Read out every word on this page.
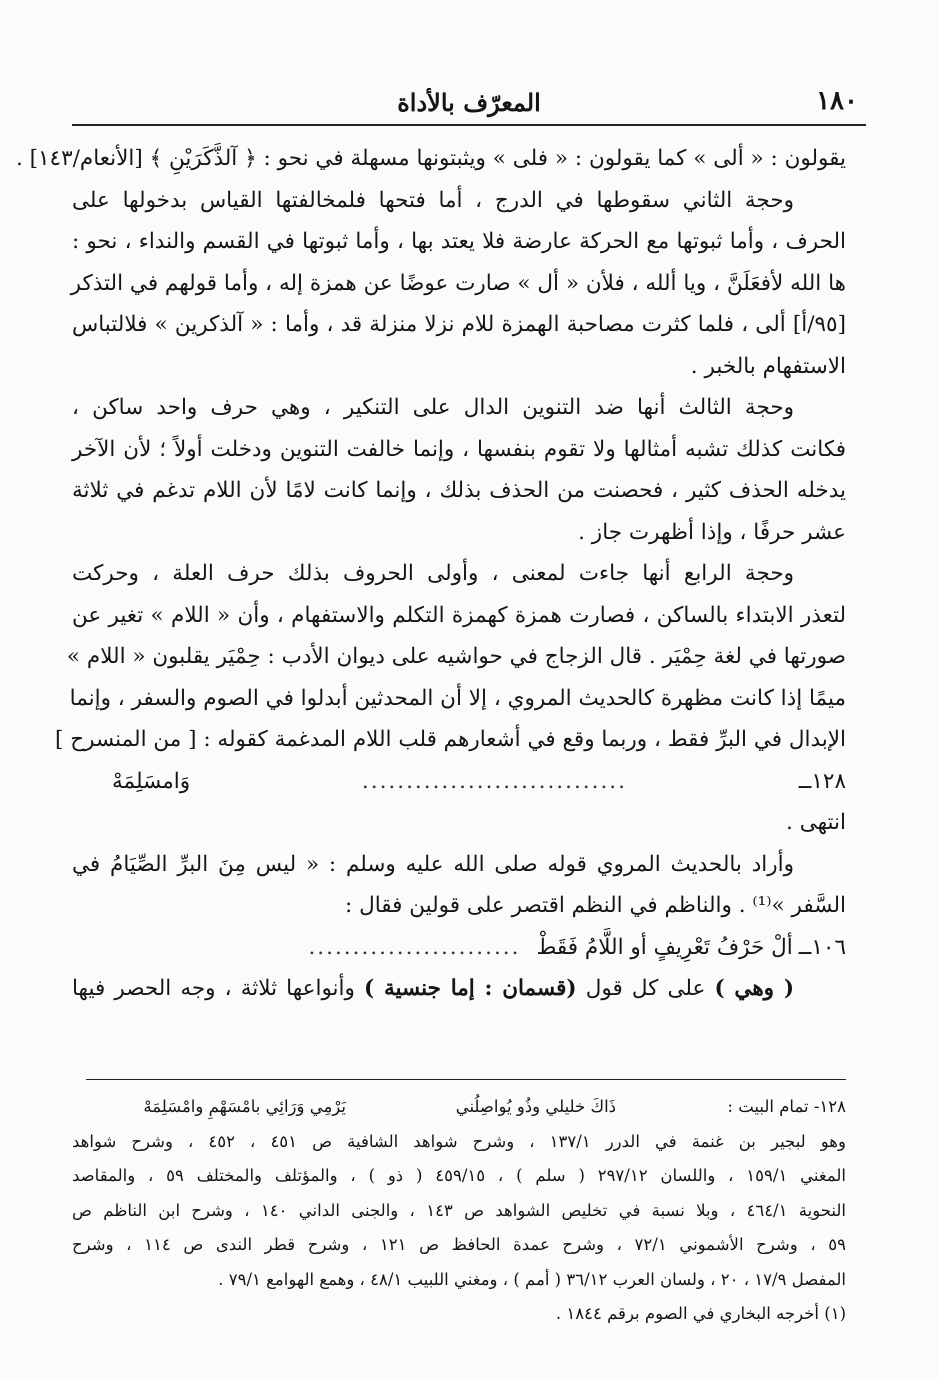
١٨٠
المعرّف بالأداة
يقولون : « ألى » كما يقولون : « فلى » ويثبتونها مسهلة في نحو : ﴿ آلذَّكَرَيْنِ ﴾ [الأنعام/١٤٣] .
وحجة الثاني سقوطها في الدرج ، أما فتحها فلمخالفتها القياس بدخولها على
الحرف ، وأما ثبوتها مع الحركة عارضة فلا يعتد بها ، وأما ثبوتها في القسم والنداء ، نحو :
ها الله لأفعَلَنَّ ، ويا ألله ، فلأن « أل » صارت عوضًا عن همزة إله ، وأما قولهم في التذكر
[٩٥/أ] ألى ، فلما كثرت مصاحبة الهمزة للام نزلا منزلة قد ، وأما : « آلذكرين » فلالتباس
الاستفهام بالخبر .
وحجة الثالث أنها ضد التنوين الدال على التنكير ، وهي حرف واحد ساكن ،
فكانت كذلك تشبه أمثالها ولا تقوم بنفسها ، وإنما خالفت التنوين ودخلت أولاً ؛ لأن الآخر
يدخله الحذف كثير ، فحصنت من الحذف بذلك ، وإنما كانت لامًا لأن اللام تدغم في ثلاثة
عشر حرفًا ، وإذا أظهرت جاز .
وحجة الرابع أنها جاءت لمعنى ، وأولى الحروف بذلك حرف العلة ، وحركت
لتعذر الابتداء بالساكن ، فصارت همزة كهمزة التكلم والاستفهام ، وأن « اللام » تغير عن
صورتها في لغة حِمْيَر . قال الزجاج في حواشيه على ديوان الأدب : حِمْيَر يقلبون « اللام »
ميمًا إذا كانت مظهرة كالحديث المروي ، إلا أن المحدثين أبدلوا في الصوم والسفر ، وإنما
الإبدال في البرِّ فقط ، وربما وقع في أشعارهم قلب اللام المدغمة كقوله : [ من المنسرح ]
١٢٨ــ
..............................
وَامسَلِمَهْ
انتهى .
وأراد بالحديث المروي قوله صلى الله عليه وسلم : « ليس مِنَ البرِّ الصِّيَامُ في
السَّفر »⁽¹⁾ . والناظم في النظم اقتصر على قولين فقال :
١٠٦ــ
ألْ حَرْفُ تَعْرِيفٍ أو اللَّامُ فَقَطْ
........................
( وهي ) على كل قول (قسمان : إما جنسية ) وأنواعها ثلاثة ، وجه الحصر فيها
١٢٨- تمام البيت :
ذَاكَ خليلي وذُو يُواصِلُني
يَرْمِي وَرَائِي بامْسَهْمِ وامْسَلِمَهْ
وهو لبجير بن غنمة في الدرر ١٣٧/١ ، وشرح شواهد الشافية ص ٤٥١ ، ٤٥٢ ، وشرح شواهد
المغني ١٥٩/١ ، واللسان ٢٩٧/١٢ ( سلم ) ، ٤٥٩/١٥ ( ذو ) ، والمؤتلف والمختلف ٥٩ ، والمقاصد
النحوية ٤٦٤/١ ، وبلا نسبة في تخليص الشواهد ص ١٤٣ ، والجنى الداني ١٤٠ ، وشرح ابن الناظم ص
٥٩ ، وشرح الأشموني ٧٢/١ ، وشرح عمدة الحافظ ص ١٢١ ، وشرح قطر الندى ص ١١٤ ، وشرح
المفصل ١٧/٩ ، ٢٠ ، ولسان العرب ٣٦/١٢ ( أمم ) ، ومغني اللبيب ٤٨/١ ، وهمع الهوامع ٧٩/١ .
(١) أخرجه البخاري في الصوم برقم ١٨٤٤ .
